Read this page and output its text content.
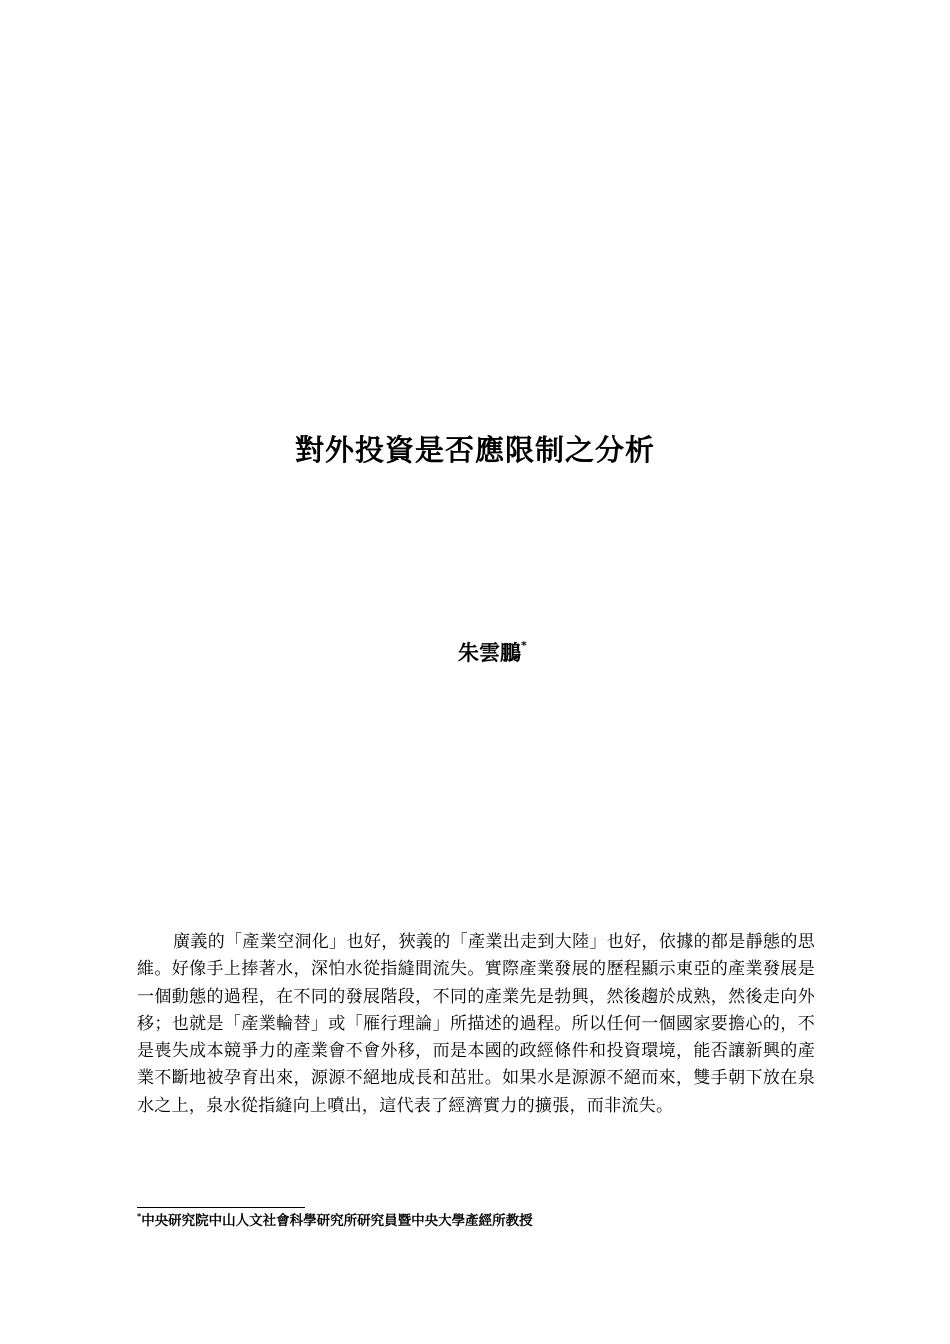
對外投資是否應限制之分析
朱雲鵬*

廣義的「產業空洞化」也好，狹義的「產業出走到大陸」也好，依據的都是靜態的思維。好像手上捧著水，深怕水從指縫間流失。實際產業發展的歷程顯示東亞的產業發展是一個動態的過程，在不同的發展階段，不同的產業先是勃興，然後趨於成熟，然後走向外移；也就是「產業輪替」或「雁行理論」所描述的過程。所以任何一個國家要擔心的，不是喪失成本競爭力的產業會不會外移，而是本國的政經條件和投資環境，能否讓新興的產業不斷地被孕育出來，源源不絕地成長和茁壯。如果水是源源不絕而來，雙手朝下放在泉水之上，泉水從指縫向上噴出，這代表了經濟實力的擴張，而非流失。

*中央研究院中山人文社會科學研究所研究員暨中央大學產經所教授
